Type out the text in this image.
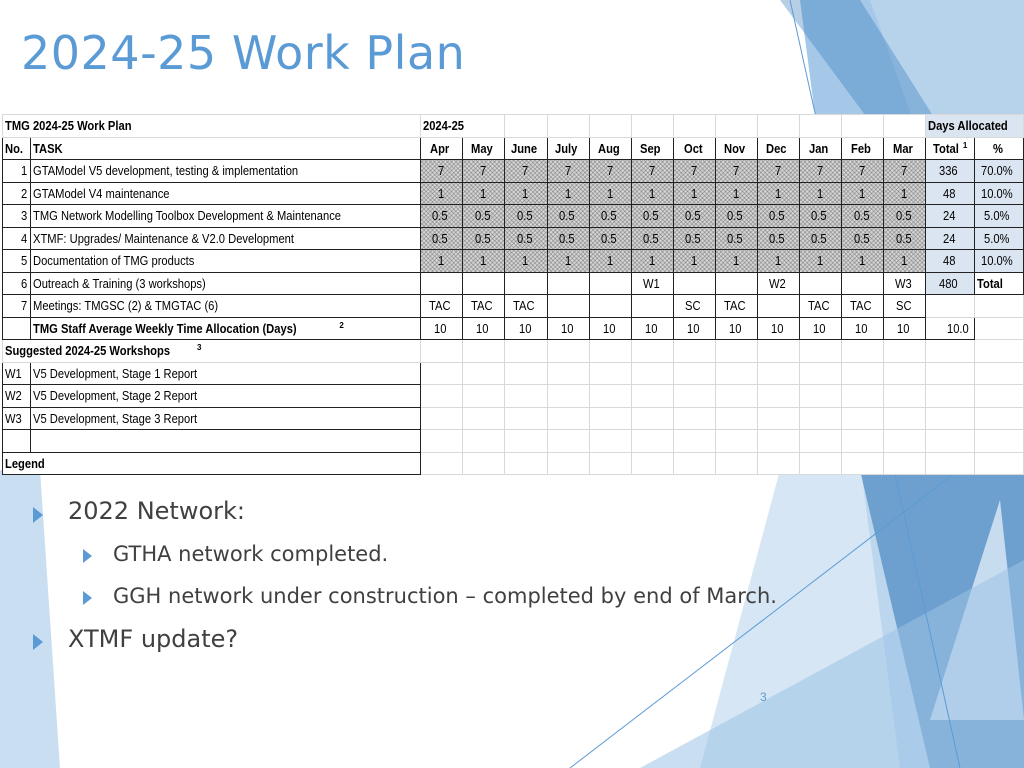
2024-25 Work Plan
TMG 2024-25 Work Plan		2024-25												Days Allocated	
No.	TASK	Apr	May	June	July	Aug	Sep	Oct	Nov	Dec	Jan	Feb	Mar	Total $^1$	%
1	GTAModel V5 development, testing & implementation	7	7	7	7	7	7	7	7	7	7	7	7	336	70.0%
2	GTAModel V4 maintenance	1	1	1	1	1	1	1	1	1	1	1	1	48	10.0%
3	TMG Network Modelling Toolbox Development & Maintenance	0.5	0.5	0.5	0.5	0.5	0.5	0.5	0.5	0.5	0.5	0.5	0.5	24	5.0%
4	XTMF: Upgrades/ Maintenance & V2.0 Development	0.5	0.5	0.5	0.5	0.5	0.5	0.5	0.5	0.5	0.5	0.5	0.5	24	5.0%
5	Documentation of TMG products	1	1	1	1	1	1	1	1	1	1	1	1	48	10.0%
6	Outreach & Training (3 workshops)						W1			W2			W3	480	Total
7	Meetings: TMGSC (2) & TMGTAC (6)	TAC	TAC	TAC				SC	TAC		TAC	TAC	SC		
	TMG Staff Average Weekly Time Allocation (Days) $^2$	10	10	10	10	10	10	10	10	10	10	10	10	10.0	
Suggested 2024-25 Workshops $^3$														
W1	V5 Development, Stage 1 Report														
W2	V5 Development, Stage 2 Report														
W3	V5 Development, Stage 3 Report														

Legend															
2022 Network:
GTHA network completed.
GGH network under construction – completed by end of March.
XTMF update?
3
